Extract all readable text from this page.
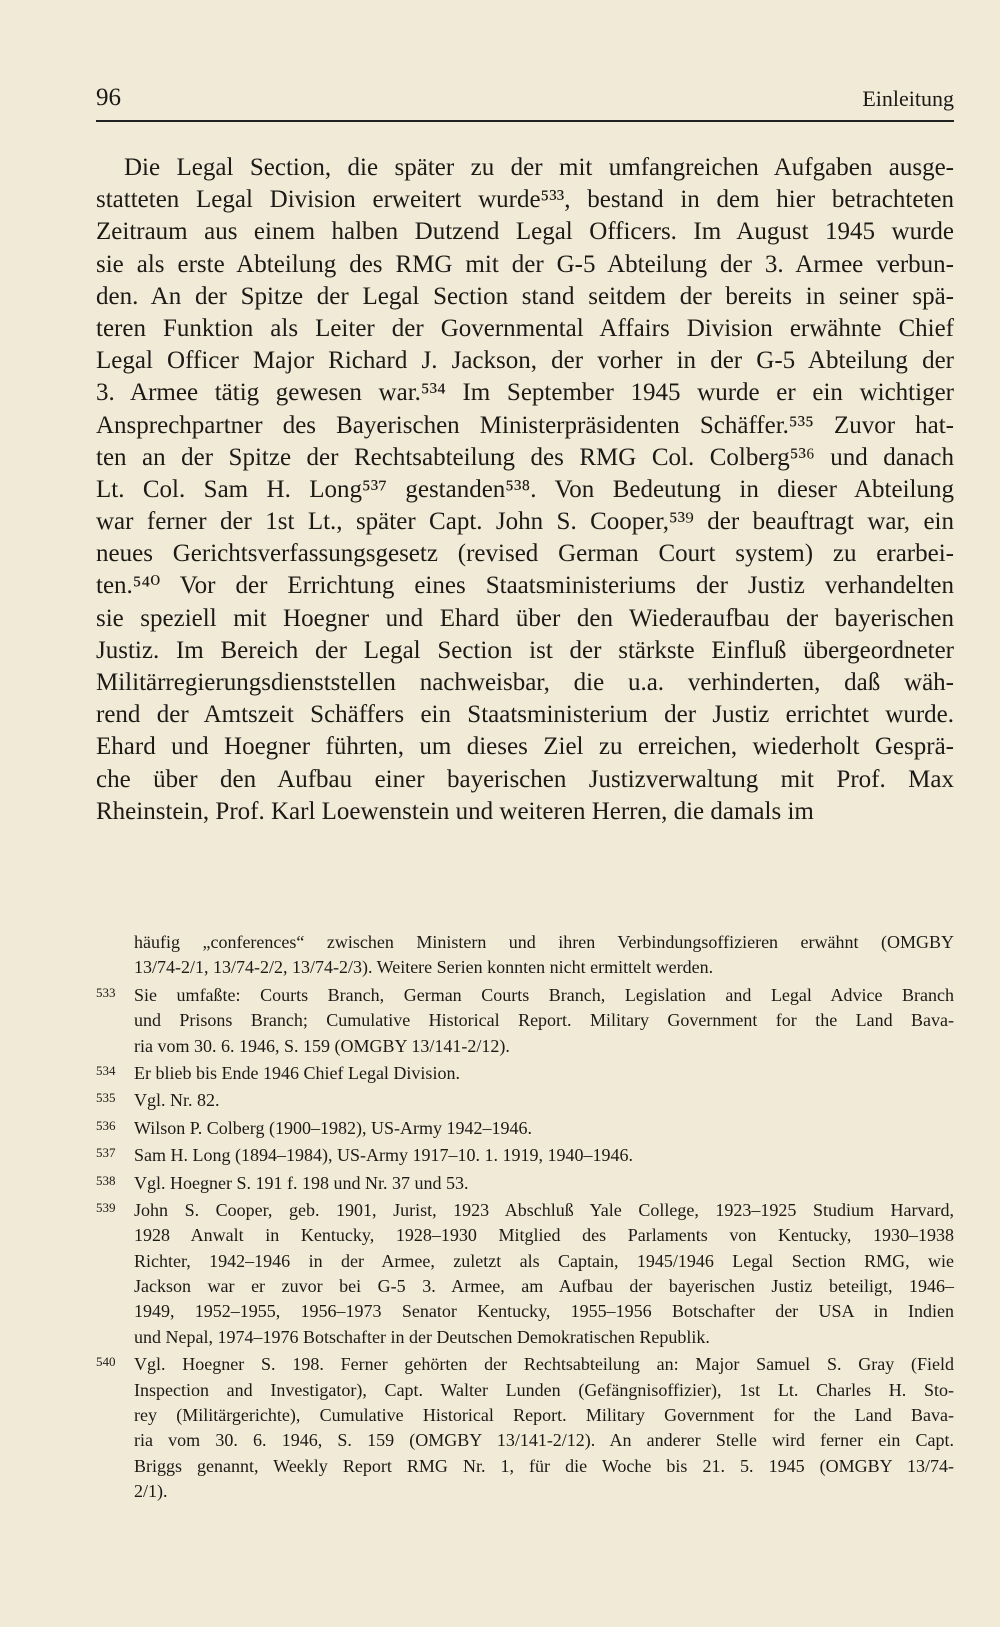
96	Einleitung
Die Legal Section, die später zu der mit umfangreichen Aufgaben ausge-
statteten Legal Division erweitert wurde⁵³³, bestand in dem hier betrachteten
Zeitraum aus einem halben Dutzend Legal Officers. Im August 1945 wurde
sie als erste Abteilung des RMG mit der G-5 Abteilung der 3. Armee verbun-
den. An der Spitze der Legal Section stand seitdem der bereits in seiner spä-
teren Funktion als Leiter der Governmental Affairs Division erwähnte Chief
Legal Officer Major Richard J. Jackson, der vorher in der G-5 Abteilung der
3. Armee tätig gewesen war.⁵³⁴ Im September 1945 wurde er ein wichtiger
Ansprechpartner des Bayerischen Ministerpräsidenten Schäffer.⁵³⁵ Zuvor hat-
ten an der Spitze der Rechtsabteilung des RMG Col. Colberg⁵³⁶ und danach
Lt. Col. Sam H. Long⁵³⁷ gestanden⁵³⁸. Von Bedeutung in dieser Abteilung
war ferner der 1st Lt., später Capt. John S. Cooper,⁵³⁹ der beauftragt war, ein
neues Gerichtsverfassungsgesetz (revised German Court system) zu erarbei-
ten.⁵⁴⁰ Vor der Errichtung eines Staatsministeriums der Justiz verhandelten
sie speziell mit Hoegner und Ehard über den Wiederaufbau der bayerischen
Justiz. Im Bereich der Legal Section ist der stärkste Einfluß übergeordneter
Militärregierungsdienststellen nachweisbar, die u.a. verhinderten, daß wäh-
rend der Amtszeit Schäffers ein Staatsministerium der Justiz errichtet wurde.
Ehard und Hoegner führten, um dieses Ziel zu erreichen, wiederholt Gesprä-
che über den Aufbau einer bayerischen Justizverwaltung mit Prof. Max
Rheinstein, Prof. Karl Loewenstein und weiteren Herren, die damals im
häufig „conferences“ zwischen Ministern und ihren Verbindungsoffizieren erwähnt (OMGBY
13/74-2/1, 13/74-2/2, 13/74-2/3). Weitere Serien konnten nicht ermittelt werden.
533 Sie umfaßte: Courts Branch, German Courts Branch, Legislation and Legal Advice Branch
und Prisons Branch; Cumulative Historical Report. Military Government for the Land Bava-
ria vom 30. 6. 1946, S. 159 (OMGBY 13/141-2/12).
534 Er blieb bis Ende 1946 Chief Legal Division.
535 Vgl. Nr. 82.
536 Wilson P. Colberg (1900–1982), US-Army 1942–1946.
537 Sam H. Long (1894–1984), US-Army 1917–10. 1. 1919, 1940–1946.
538 Vgl. Hoegner S. 191 f. 198 und Nr. 37 und 53.
539 John S. Cooper, geb. 1901, Jurist, 1923 Abschluß Yale College, 1923–1925 Studium Harvard,
1928 Anwalt in Kentucky, 1928–1930 Mitglied des Parlaments von Kentucky, 1930–1938
Richter, 1942–1946 in der Armee, zuletzt als Captain, 1945/1946 Legal Section RMG, wie
Jackson war er zuvor bei G-5 3. Armee, am Aufbau der bayerischen Justiz beteiligt, 1946–
1949, 1952–1955, 1956–1973 Senator Kentucky, 1955–1956 Botschafter der USA in Indien
und Nepal, 1974–1976 Botschafter in der Deutschen Demokratischen Republik.
540 Vgl. Hoegner S. 198. Ferner gehörten der Rechtsabteilung an: Major Samuel S. Gray (Field
Inspection and Investigator), Capt. Walter Lunden (Gefängnisoffizier), 1st Lt. Charles H. Sto-
rey (Militärgerichte), Cumulative Historical Report. Military Government for the Land Bava-
ria vom 30. 6. 1946, S. 159 (OMGBY 13/141-2/12). An anderer Stelle wird ferner ein Capt.
Briggs genannt, Weekly Report RMG Nr. 1, für die Woche bis 21. 5. 1945 (OMGBY 13/74-
2/1).
